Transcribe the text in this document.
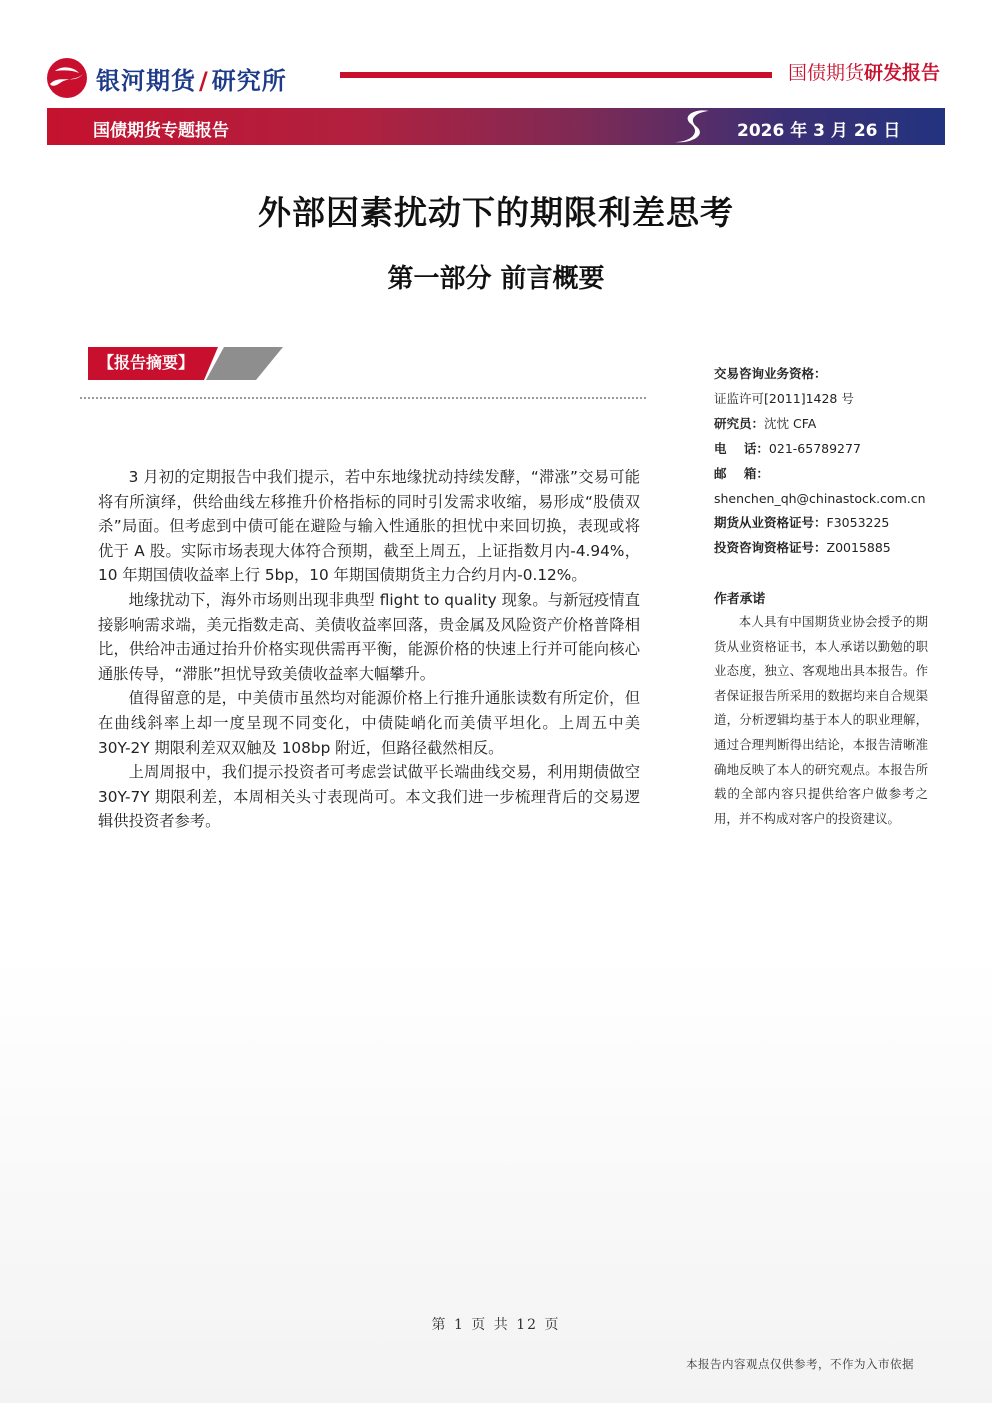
银河期货 / 研究所	国债期货研发报告
国债期货专题报告	2026 年 3 月 26 日
外部因素扰动下的期限利差思考
第一部分 前言概要
【报告摘要】

3 月初的定期报告中我们提示，若中东地缘扰动持续发酵，“滞涨”交易可能将有所演绎，供给曲线左移推升价格指标的同时引发需求收缩，易形成“股债双杀”局面。但考虑到中债可能在避险与输入性通胀的担忧中来回切换，表现或将优于 A 股。实际市场表现大体符合预期，截至上周五，上证指数月内-4.94%，10 年期国债收益率上行 5bp，10 年期国债期货主力合约月内-0.12%。

地缘扰动下，海外市场则出现非典型 flight to quality 现象。与新冠疫情直接影响需求端，美元指数走高、美债收益率回落，贵金属及风险资产价格普降相比，供给冲击通过抬升价格实现供需再平衡，能源价格的快速上行并可能向核心通胀传导，“滞胀”担忧导致美债收益率大幅攀升。

值得留意的是，中美债市虽然均对能源价格上行推升通胀读数有所定价，但在曲线斜率上却一度呈现不同变化，中债陡峭化而美债平坦化。上周五中美 30Y-2Y 期限利差双双触及 108bp 附近，但路径截然相反。

上周周报中，我们提示投资者可考虑尝试做平长端曲线交易，利用期债做空 30Y-7Y 期限利差，本周相关头寸表现尚可。本文我们进一步梳理背后的交易逻辑供投资者参考。

交易咨询业务资格：
证监许可[2011]1428 号
研究员：沈忱 CFA
电    话：021-65789277
邮    箱：
shenchen_qh@chinastock.com.cn
期货从业资格证号：F3053225
投资咨询资格证号：Z0015885
作者承诺

本人具有中国期货业协会授予的期货从业资格证书，本人承诺以勤勉的职业态度，独立、客观地出具本报告。作者保证报告所采用的数据均来自合规渠道，分析逻辑均基于本人的职业理解，通过合理判断得出结论，本报告清晰准确地反映了本人的研究观点。本报告所载的全部内容只提供给客户做参考之用，并不构成对客户的投资建议。

第 1 页 共 12 页
本报告内容观点仅供参考，不作为入市依据
